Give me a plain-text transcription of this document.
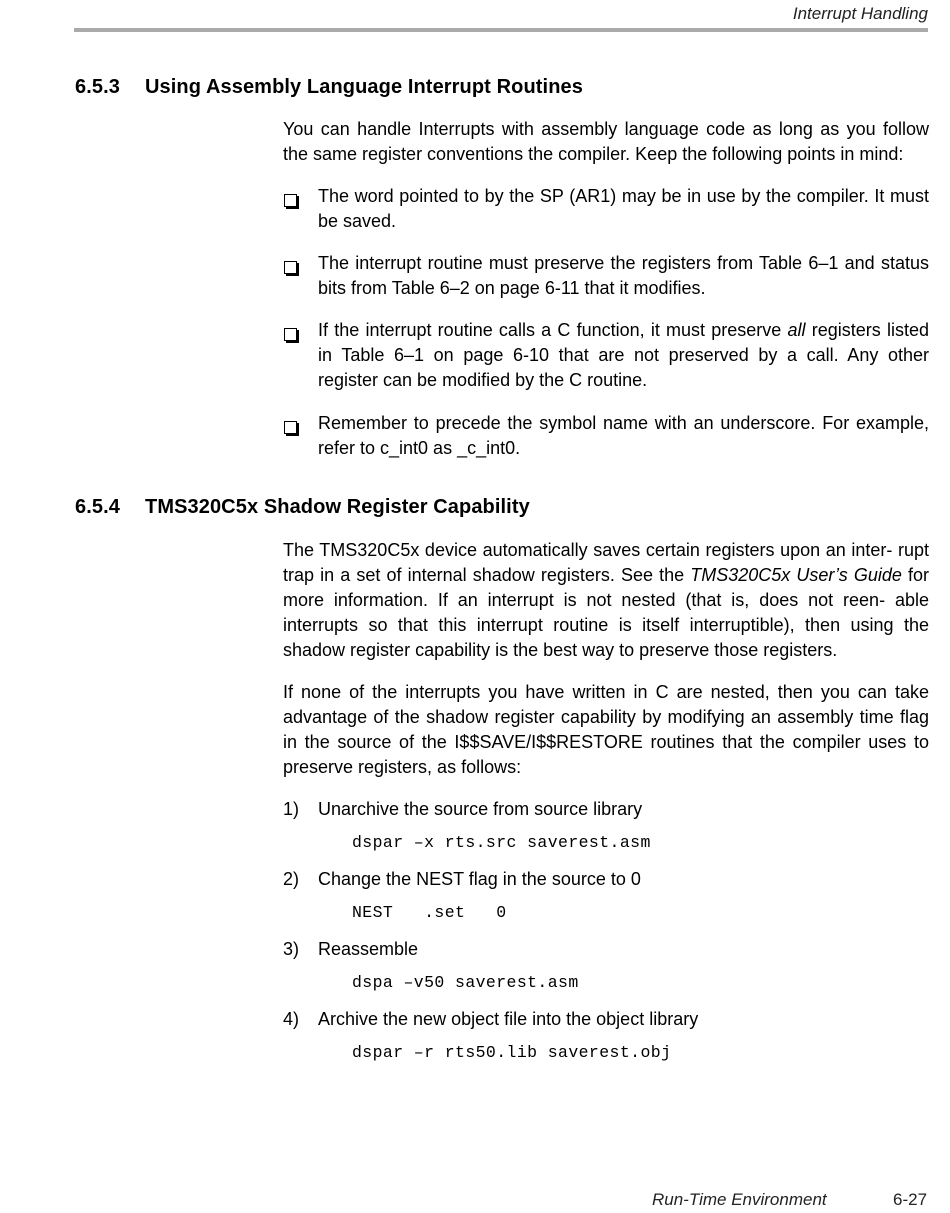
Interrupt Handling
6.5.3 Using Assembly Language Interrupt Routines

You can handle Interrupts with assembly language code as long as you follow the same register conventions the compiler. Keep the following points in mind:

The word pointed to by the SP (AR1) may be in use by the compiler. It must be saved.
The interrupt routine must preserve the registers from Table 6–1 and status bits from Table 6–2 on page 6-11 that it modifies.
If the interrupt routine calls a C function, it must preserve all registers listed in Table 6–1 on page 6-10 that are not preserved by a call. Any other register can be modified by the C routine.
Remember to precede the symbol name with an underscore. For example, refer to c_int0 as _c_int0.
6.5.4 TMS320C5x Shadow Register Capability

The TMS320C5x device automatically saves certain registers upon an inter- rupt trap in a set of internal shadow registers. See the TMS320C5x User’s Guide for more information. If an interrupt is not nested (that is, does not reen- able interrupts so that this interrupt routine is itself interruptible), then using the shadow register capability is the best way to preserve those registers.

If none of the interrupts you have written in C are nested, then you can take advantage of the shadow register capability by modifying an assembly time flag in the source of the I$$SAVE/I$$RESTORE routines that the compiler uses to preserve registers, as follows:

1) Unarchive the source from source library
dspar –x rts.src saverest.asm
2) Change the NEST flag in the source to 0
NEST   .set   0
3) Reassemble
dspa –v50 saverest.asm
4) Archive the new object file into the object library
dspar –r rts50.lib saverest.obj
Run-Time Environment	6-27
